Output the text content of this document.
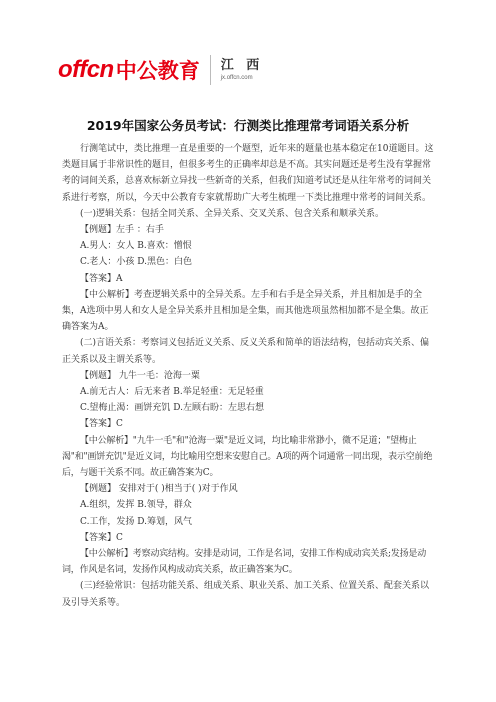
offcn 中公教育 江 西
jx.offcn.com
2019年国家公务员考试：行测类比推理常考词语关系分析

行测笔试中，类比推理一直是重要的一个题型，近年来的题量也基本稳定在10道题目。这类题目属于非常识性的题目，但很多考生的正确率却总是不高。其实问题还是考生没有掌握常考的词间关系，总喜欢标新立异找一些新奇的关系，但我们知道考试还是从往年常考的词间关系进行考察，所以，今天中公教育专家就帮助广大考生梳理一下类比推理中常考的词间关系。

(一)逻辑关系：包括全同关系、全异关系、交叉关系、包含关系和顺承关系。

【例题】左手 ：右手

A.男人：女人 B.喜欢：憎恨

C.老人：小孩 D.黑色：白色

【答案】A

【中公解析】考查逻辑关系中的全异关系。左手和右手是全异关系，并且相加是手的全集，A选项中男人和女人是全异关系并且相加是全集，而其他选项虽然相加都不是全集。故正确答案为A。

(二)言语关系：考察词义包括近义关系、反义关系和简单的语法结构，包括动宾关系、偏正关系以及主谓关系等。

【例题】 九牛一毛：沧海一粟

A.前无古人：后无来者 B.举足轻重：无足轻重

C.望梅止渴：画饼充饥 D.左顾右盼：左思右想

【答案】C

【中公解析】"九牛一毛"和"沧海一粟"是近义词，均比喻非常渺小，微不足道；"望梅止渴"和"画饼充饥"是近义词，均比喻用空想来安慰自己。A项的两个词通常一同出现，表示空前绝后，与题干关系不同。故正确答案为C。

【例题】 安排对于( )相当于( )对于作风

A.组织，发挥 B.领导，群众

C.工作，发扬 D.筹划，风气

【答案】C

【中公解析】考察动宾结构。安排是动词，工作是名词，安排工作构成动宾关系;发扬是动词，作风是名词，发扬作风构成动宾关系，故正确答案为C。

(三)经验常识：包括功能关系、组成关系、职业关系、加工关系、位置关系、配套关系以及引导关系等。
